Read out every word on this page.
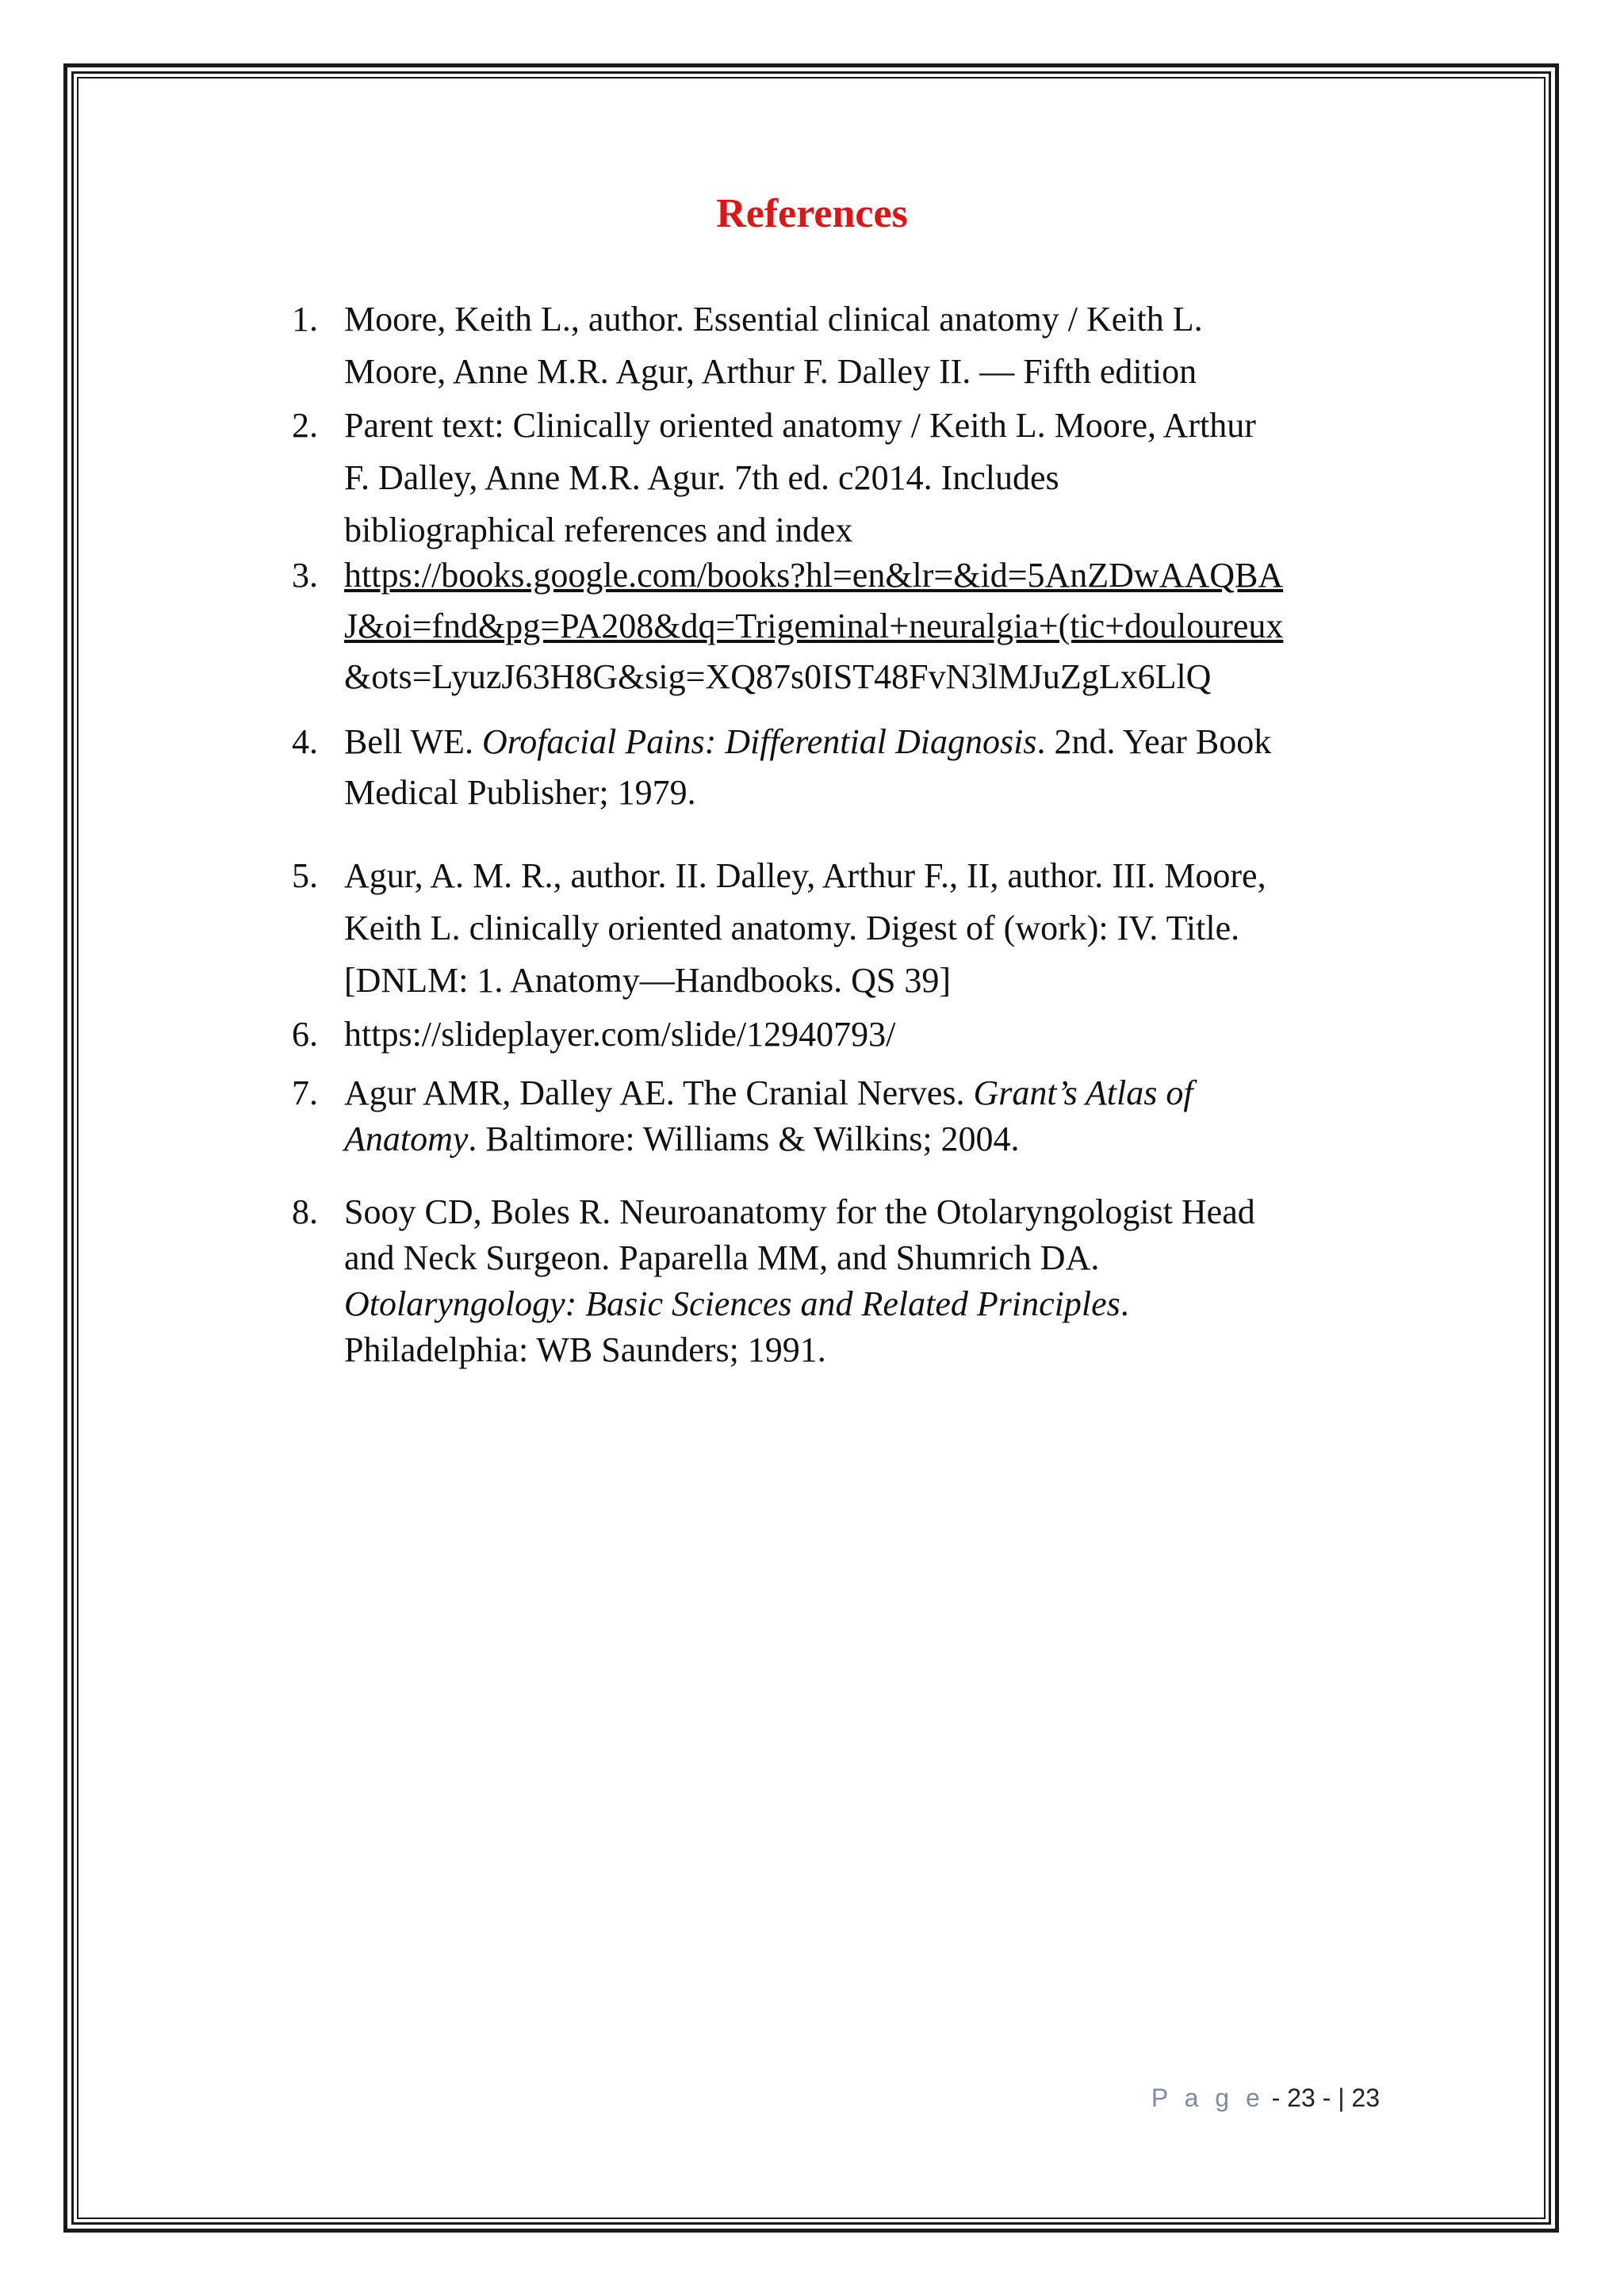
References
1. Moore, Keith L., author. Essential clinical anatomy / Keith L.
Moore, Anne M.R. Agur, Arthur F. Dalley II. — Fifth edition
2. Parent text: Clinically oriented anatomy / Keith L. Moore, Arthur
F. Dalley, Anne M.R. Agur. 7th ed. c2014. Includes
bibliographical references and index
3. https://books.google.com/books?hl=en&lr=&id=5AnZDwAAQBA
J&oi=fnd&pg=PA208&dq=Trigeminal+neuralgia+(tic+douloureux
&ots=LyuzJ63H8G&sig=XQ87s0IST48FvN3lMJuZgLx6LlQ
4. Bell WE. Orofacial Pains: Differential Diagnosis. 2nd. Year Book
Medical Publisher; 1979.
5. Agur, A. M. R., author. II. Dalley, Arthur F., II, author. III. Moore,
Keith L. clinically oriented anatomy. Digest of (work): IV. Title.
[DNLM: 1. Anatomy—Handbooks. QS 39]
6. https://slideplayer.com/slide/12940793/
7. Agur AMR, Dalley AE. The Cranial Nerves. Grant’s Atlas of
Anatomy. Baltimore: Williams & Wilkins; 2004.
8. Sooy CD, Boles R. Neuroanatomy for the Otolaryngologist Head
and Neck Surgeon. Paparella MM, and Shumrich DA.
Otolaryngology: Basic Sciences and Related Principles.
Philadelphia: WB Saunders; 1991.
P a g e - 23 - | 23
